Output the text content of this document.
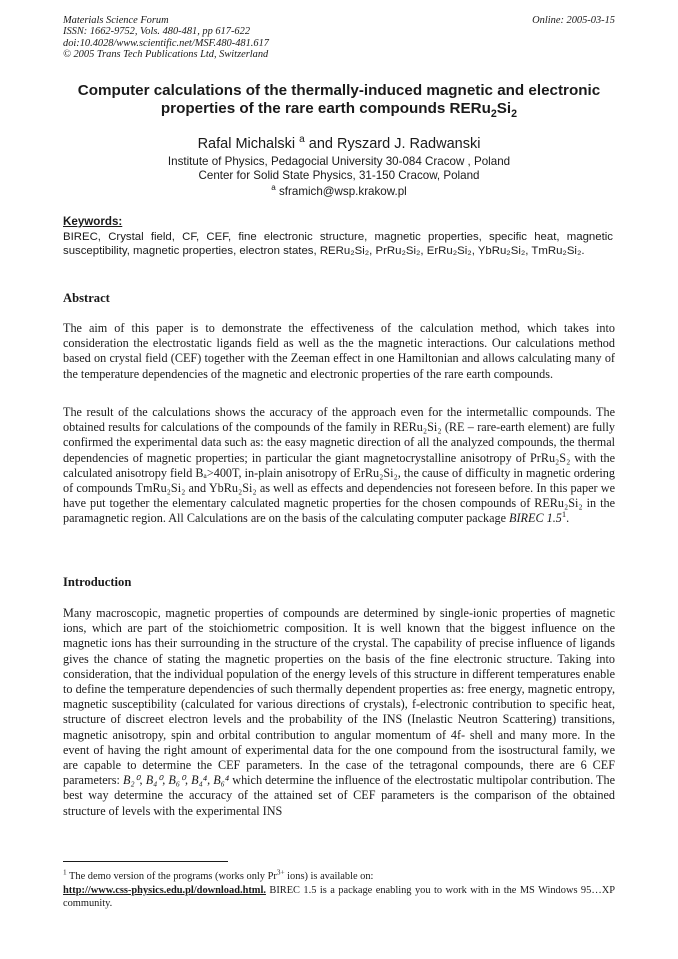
Materials Science Forum
ISSN: 1662-9752, Vols. 480-481, pp 617-622
doi:10.4028/www.scientific.net/MSF.480-481.617
© 2005 Trans Tech Publications Ltd, Switzerland
Online: 2005-03-15
Computer calculations of the thermally-induced magnetic and electronic
properties of the rare earth compounds $RERu_2Si_2$
Rafal Michalski $^a$ and Ryszard J. Radwanski
Institute of Physics, Pedagocial University 30-084 Cracow , Poland
Center for Solid State Physics, 31-150 Cracow, Poland
$^a$ sframich@wsp.krakow.pl
Keywords:
BIREC, Crystal field, CF, CEF, fine electronic structure, magnetic properties, specific heat, magnetic susceptibility, magnetic properties, electron states, RERu₂Si₂, PrRu₂Si₂, ErRu₂Si₂, YbRu₂Si₂, TmRu₂Si₂.
Abstract
The aim of this paper is to demonstrate the effectiveness of the calculation method, which takes into consideration the electrostatic ligands field as well as the the magnetic interactions. Our calculations method based on crystal field (CEF) together with the Zeeman effect in one Hamiltonian and allows calculating many of the temperature dependencies of the magnetic and electronic properties of the rare earth compounds.
The result of the calculations shows the accuracy of the approach even for the intermetallic compounds. The obtained results for calculations of the compounds of the family in RERu₂Si₂ (RE – rare-earth element) are fully confirmed the experimental data such as: the easy magnetic direction of all the analyzed compounds, the thermal dependencies of magnetic properties; in particular the giant magnetocrystalline anisotropy of PrRu₂S₂ with the calculated anisotropy field Bₐ>400T, in-plain anisotropy of ErRu₂Si₂, the cause of difficulty in magnetic ordering of compounds TmRu₂Si₂ and YbRu₂Si₂ as well as effects and dependencies not foreseen before. In this paper we have put together the elementary calculated magnetic properties for the chosen compounds of RERu₂Si₂ in the paramagnetic region. All Calculations are on the basis of the calculating computer package BIREC $1.5^1$.
Introduction
Many macroscopic, magnetic properties of compounds are determined by single-ionic properties of magnetic ions, which are part of the stoichiometric composition. It is well known that the biggest influence on the magnetic ions has their surrounding in the structure of the crystal. The capability of precise influence of ligands gives the chance of stating the magnetic properties on the basis of the fine electronic structure. Taking into consideration, that the individual population of the energy levels of this structure in different temperatures enable to define the temperature dependencies of such thermally dependent properties as: free energy, magnetic entropy, magnetic susceptibility (calculated for various directions of crystals), f-electronic contribution to specific heat, structure of discreet electron levels and the probability of the INS (Inelastic Neutron Scattering) transitions, magnetic anisotropy, spin and orbital contribution to angular momentum of 4f- shell and many more. In the event of having the right amount of experimental data for the one compound from the isostructural family, we are capable to determine the CEF parameters. In the case of the tetragonal compounds, there are 6 CEF parameters: B₂⁰, B₄⁰, B₆⁰, B₄⁴, B₆⁴ which determine the influence of the electrostatic multipolar contribution. The best way determine the accuracy of the attained set of CEF parameters is the comparison of the obtained structure of levels with the experimental INS
$^1$ The demo version of the programs (works only $Pr^{3+}$ ions) is available on:
http://www.css-physics.edu.pl/download.html. BIREC 1.5 is a package enabling you to work with in the MS Windows 95…XP community.
